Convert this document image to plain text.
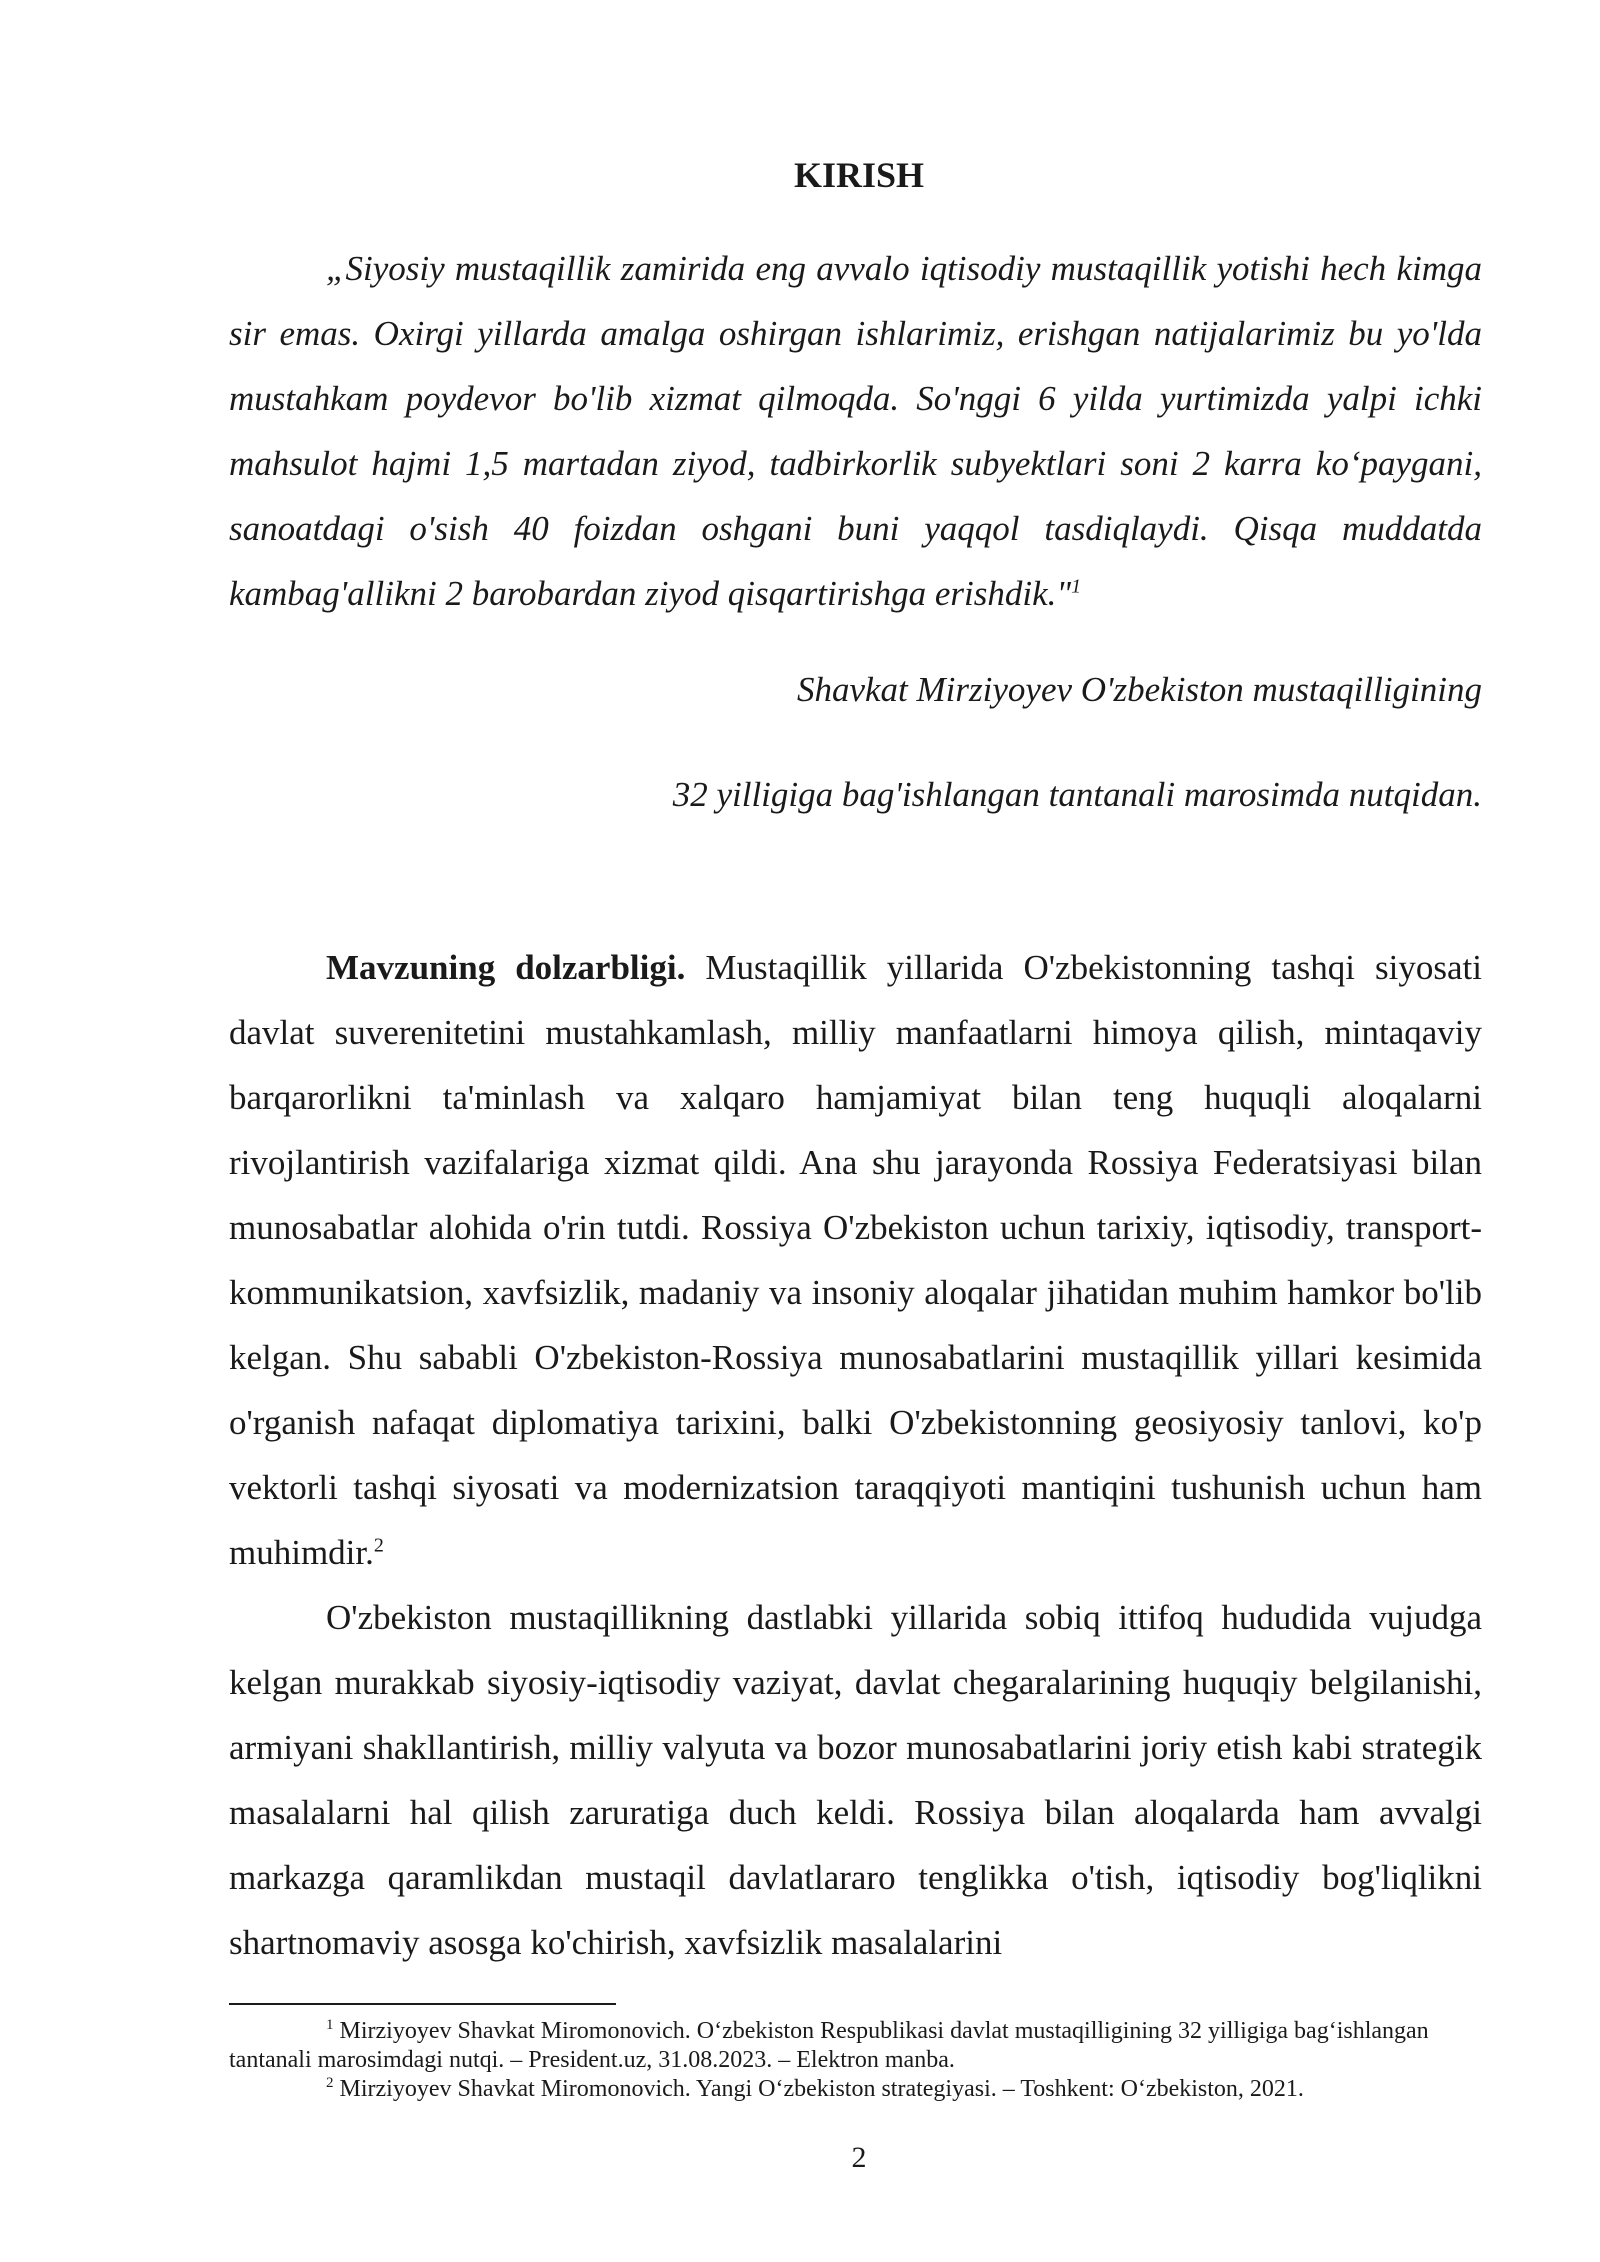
KIRISH

„Siyosiy mustaqillik zamirida eng avvalo iqtisodiy mustaqillik yotishi hech kimga sir emas. Oxirgi yillarda amalga oshirgan ishlarimiz, erishgan natijalarimiz bu yo'lda mustahkam poydevor bo'lib xizmat qilmoqda. So'nggi 6 yilda yurtimizda yalpi ichki mahsulot hajmi 1,5 martadan ziyod, tadbirkorlik subyektlari soni 2 karra ko‘paygani, sanoatdagi o'sish 40 foizdan oshgani buni yaqqol tasdiqlaydi. Qisqa muddatda kambag'allikni 2 barobardan ziyod qisqartirishga erishdik."$^1$

Shavkat Mirziyoyev O'zbekiston mustaqilligining

32 yilligiga bag'ishlangan tantanali marosimda nutqidan.

Mavzuning dolzarbligi. Mustaqillik yillarida O'zbekistonning tashqi siyosati davlat suverenitetini mustahkamlash, milliy manfaatlarni himoya qilish, mintaqaviy barqarorlikni ta'minlash va xalqaro hamjamiyat bilan teng huquqli aloqalarni rivojlantirish vazifalariga xizmat qildi. Ana shu jarayonda Rossiya Federatsiyasi bilan munosabatlar alohida o'rin tutdi. Rossiya O'zbekiston uchun tarixiy, iqtisodiy, transport-kommunikatsion, xavfsizlik, madaniy va insoniy aloqalar jihatidan muhim hamkor bo'lib kelgan. Shu sababli O'zbekiston-Rossiya munosabatlarini mustaqillik yillari kesimida o'rganish nafaqat diplomatiya tarixini, balki O'zbekistonning geosiyosiy tanlovi, ko'p vektorli tashqi siyosati va modernizatsion taraqqiyoti mantiqini tushunish uchun ham muhimdir.$^2$

O'zbekiston mustaqillikning dastlabki yillarida sobiq ittifoq hududida vujudga kelgan murakkab siyosiy-iqtisodiy vaziyat, davlat chegaralarining huquqiy belgilanishi, armiyani shakllantirish, milliy valyuta va bozor munosabatlarini joriy etish kabi strategik masalalarni hal qilish zaruratiga duch keldi. Rossiya bilan aloqalarda ham avvalgi markazga qaramlikdan mustaqil davlatlararo tenglikka o'tish, iqtisodiy bog'liqlikni shartnomaviy asosga ko'chirish, xavfsizlik masalalarini

$^1$ Mirziyoyev Shavkat Miromonovich. O‘zbekiston Respublikasi davlat mustaqilligining 32 yilligiga bag‘ishlangan tantanali marosimdagi nutqi. – President.uz, 31.08.2023. – Elektron manba.

$^2$ Mirziyoyev Shavkat Miromonovich. Yangi O‘zbekiston strategiyasi. – Toshkent: O‘zbekiston, 2021.

2
